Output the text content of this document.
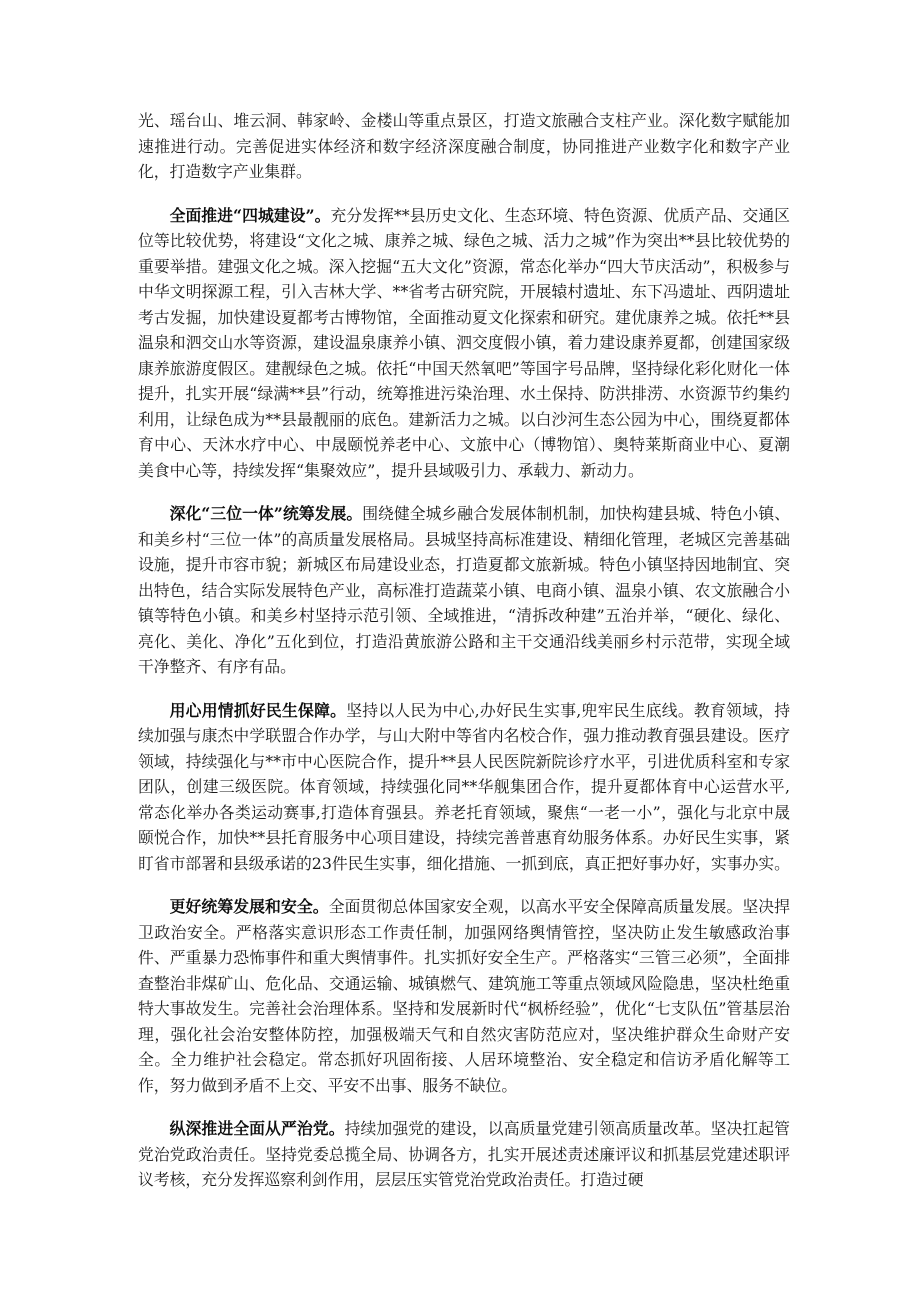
光、瑶台山、堆云洞、韩家岭、金楼山等重点景区，打造文旅融合支柱产业。深化数字赋能加速推进行动。完善促进实体经济和数字经济深度融合制度，协同推进产业数字化和数字产业化，打造数字产业集群。

全面推进“四城建设”。充分发挥**县历史文化、生态环境、特色资源、优质产品、交通区位等比较优势，将建设“文化之城、康养之城、绿色之城、活力之城”作为突出**县比较优势的重要举措。建强文化之城。深入挖掘“五大文化”资源，常态化举办“四大节庆活动”，积极参与中华文明探源工程，引入吉林大学、**省考古研究院，开展辕村遗址、东下冯遗址、西阴遗址考古发掘，加快建设夏都考古博物馆，全面推动夏文化探索和研究。建优康养之城。依托**县温泉和泗交山水等资源，建设温泉康养小镇、泗交度假小镇，着力建设康养夏都，创建国家级康养旅游度假区。建靓绿色之城。依托“中国天然氧吧”等国字号品牌，坚持绿化彩化财化一体提升，扎实开展“绿满**县”行动，统筹推进污染治理、水土保持、防洪排涝、水资源节约集约利用，让绿色成为**县最靓丽的底色。建新活力之城。以白沙河生态公园为中心，围绕夏都体育中心、天沐水疗中心、中晟颐悦养老中心、文旅中心（博物馆）、奥特莱斯商业中心、夏潮美食中心等，持续发挥“集聚效应”，提升县域吸引力、承载力、新动力。

深化“三位一体”统筹发展。围绕健全城乡融合发展体制机制，加快构建县城、特色小镇、和美乡村“三位一体”的高质量发展格局。县城坚持高标准建设、精细化管理，老城区完善基础设施，提升市容市貌；新城区布局建设业态，打造夏都文旅新城。特色小镇坚持因地制宜、突出特色，结合实际发展特色产业，高标准打造蔬菜小镇、电商小镇、温泉小镇、农文旅融合小镇等特色小镇。和美乡村坚持示范引领、全域推进，“清拆改种建”五治并举，“硬化、绿化、亮化、美化、净化”五化到位，打造沿黄旅游公路和主干交通沿线美丽乡村示范带，实现全域干净整齐、有序有品。

用心用情抓好民生保障。坚持以人民为中心,办好民生实事,兜牢民生底线。教育领域，持续加强与康杰中学联盟合作办学，与山大附中等省内名校合作，强力推动教育强县建设。医疗领域，持续强化与**市中心医院合作，提升**县人民医院新院诊疗水平，引进优质科室和专家团队，创建三级医院。体育领域，持续强化同**华舰集团合作，提升夏都体育中心运营水平,常态化举办各类运动赛事,打造体育强县。养老托育领域，聚焦“一老一小”，强化与北京中晟颐悦合作，加快**县托育服务中心项目建设，持续完善普惠育幼服务体系。办好民生实事，紧盯省市部署和县级承诺的23件民生实事，细化措施、一抓到底，真正把好事办好，实事办实。

更好统筹发展和安全。全面贯彻总体国家安全观，以高水平安全保障高质量发展。坚决捍卫政治安全。严格落实意识形态工作责任制，加强网络舆情管控，坚决防止发生敏感政治事件、严重暴力恐怖事件和重大舆情事件。扎实抓好安全生产。严格落实“三管三必须”，全面排查整治非煤矿山、危化品、交通运输、城镇燃气、建筑施工等重点领域风险隐患，坚决杜绝重特大事故发生。完善社会治理体系。坚持和发展新时代“枫桥经验”，优化“七支队伍”管基层治理，强化社会治安整体防控，加强极端天气和自然灾害防范应对，坚决维护群众生命财产安全。全力维护社会稳定。常态抓好巩固衔接、人居环境整治、安全稳定和信访矛盾化解等工作，努力做到矛盾不上交、平安不出事、服务不缺位。

纵深推进全面从严治党。持续加强党的建设，以高质量党建引领高质量改革。坚决扛起管党治党政治责任。坚持党委总揽全局、协调各方，扎实开展述责述廉评议和抓基层党建述职评议考核，充分发挥巡察利剑作用，层层压实管党治党政治责任。打造过硬
